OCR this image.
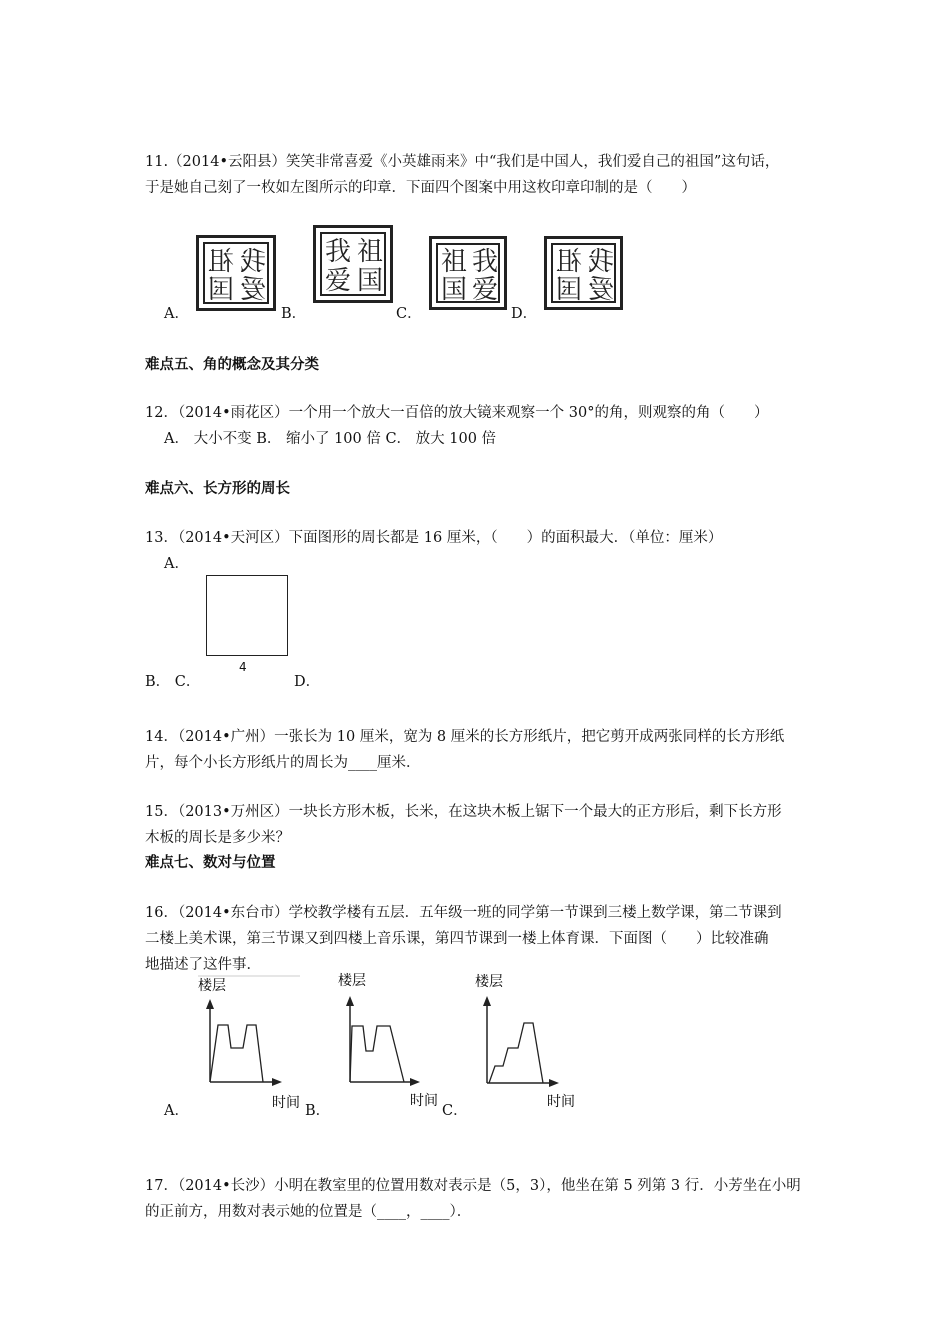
11.（2014•云阳县）笑笑非常喜爱《小英雄雨来》中“我们是中国人，我们爱自己的祖国”这句话，
于是她自己刻了一枚如左图所示的印章．下面四个图案中用这枚印章印制的是（　　）
祖 我
国 爱
我 祖
爱 国
祖 我
国 爱
祖 我
国 爱
A．	B．	C．	D．
难点五、角的概念及其分类
12．（2014•雨花区）一个用一个放大一百倍的放大镜来观察一个 30°的角，则观察的角（　　）
A． 大小不变 B． 缩小了 100 倍 C． 放大 100 倍
难点六、长方形的周长
13．（2014•天河区）下面图形的周长都是 16 厘米，（　　）的面积最大．（单位：厘米）
A．
4
B． C．	D．
14．（2014•广州）一张长为 10 厘米，宽为 8 厘米的长方形纸片，把它剪开成两张同样的长方形纸
片，每个小长方形纸片的周长为____厘米．
15．（2013•万州区）一块长方形木板，长米，在这块木板上锯下一个最大的正方形后，剩下长方形
木板的周长是多少米？
难点七、数对与位置
16．（2014•东台市）学校教学楼有五层．五年级一班的同学第一节课到三楼上数学课，第二节课到
二楼上美术课，第三节课又到四楼上音乐课，第四节课到一楼上体育课．下面图（　　）比较准确
地描述了这件事．
楼层
时间
楼层
时间
楼层
时间
A．	B．	C．
17．（2014•长沙）小明在教室里的位置用数对表示是（5，3），他坐在第 5 列第 3 行．小芳坐在小明
的正前方，用数对表示她的位置是（____，____）．
